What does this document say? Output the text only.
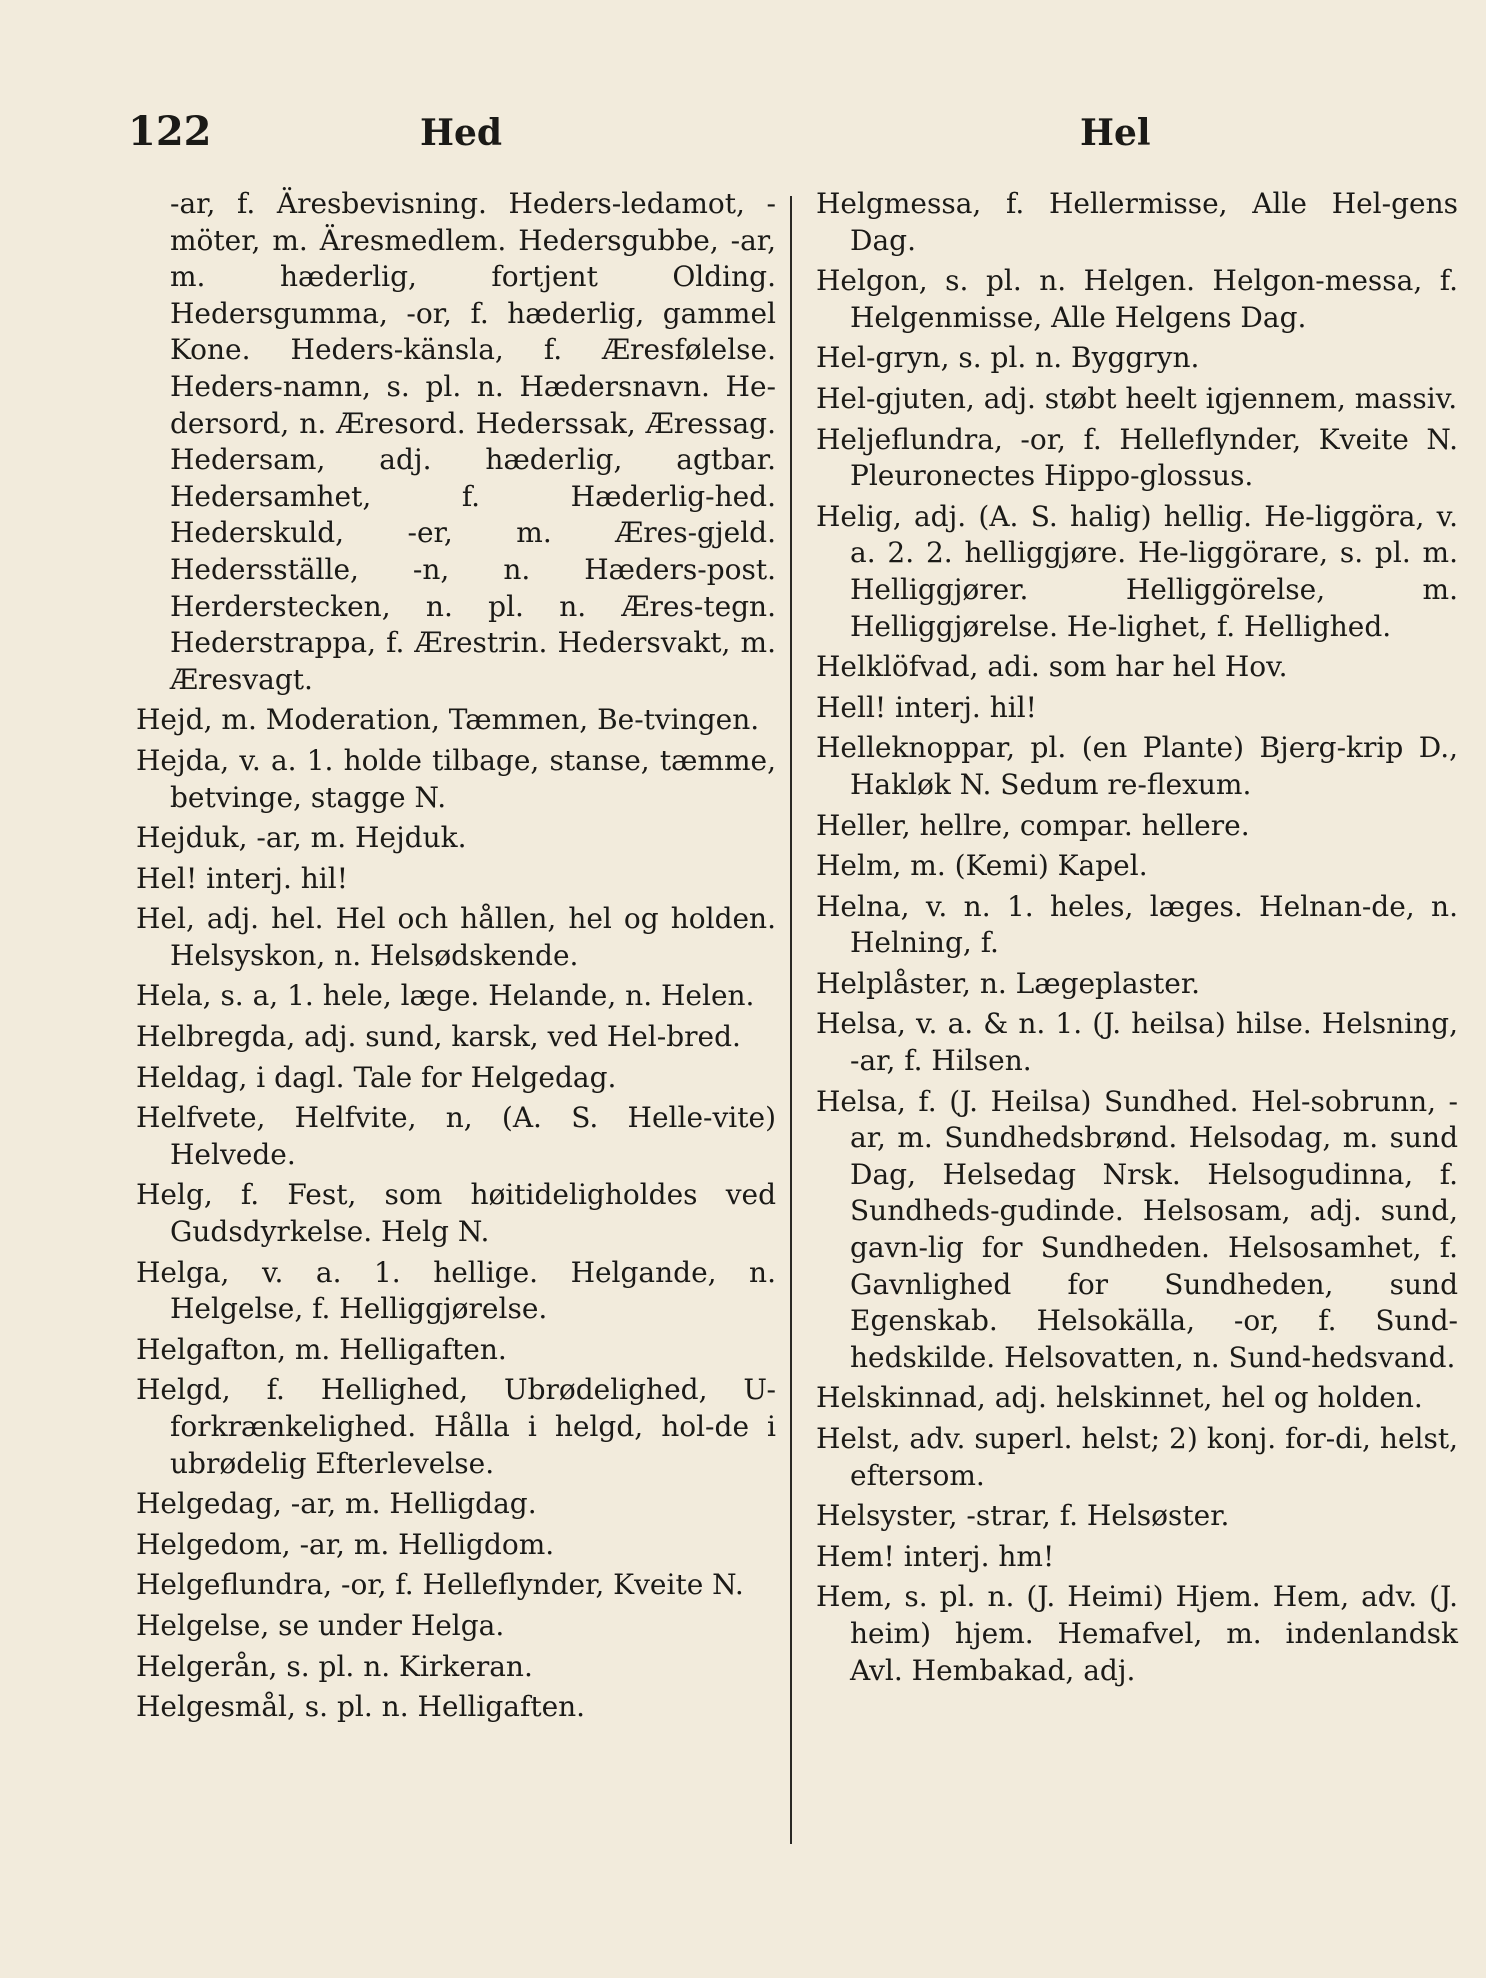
122	Hed	Hel

-ar, f. Äresbevisning. Heders-ledamot, -möter, m. Äresmedlem. Hedersgubbe, -ar, m. hæderlig, fortjent Olding. Hedersgumma, -or, f. hæderlig, gammel Kone. Heders-känsla, f. Æresfølelse. Heders-namn, s. pl. n. Hædersnavn. He-dersord, n. Æresord. Hederssak, Æressag. Hedersam, adj. hæderlig, agtbar. Hedersamhet, f. Hæderlig-hed. Hederskuld, -er, m. Æres-gjeld. Hedersställe, -n, n. Hæders-post. Herderstecken, n. pl. n. Æres-tegn. Hederstrappa, f. Ærestrin. Hedersvakt, m. Æresvagt.

Hejd, m. Moderation, Tæmmen, Be-tvingen.

Hejda, v. a. 1. holde tilbage, stanse, tæmme, betvinge, stagge N.

Hejduk, -ar, m. Hejduk.

Hel! interj. hil!

Hel, adj. hel. Hel och hållen, hel og holden. Helsyskon, n. Helsødskende.

Hela, s. a, 1. hele, læge. Helande, n. Helen.

Helbregda, adj. sund, karsk, ved Hel-bred.

Heldag, i dagl. Tale for Helgedag.

Helfvete, Helfvite, n, (A. S. Helle-vite) Helvede.

Helg, f. Fest, som høitideligholdes ved Gudsdyrkelse. Helg N.

Helga, v. a. 1. hellige. Helgande, n. Helgelse, f. Helliggjørelse.

Helgafton, m. Helligaften.

Helgd, f. Hellighed, Ubrødelighed, U-forkrænkelighed. Hålla i helgd, hol-de i ubrødelig Efterlevelse.

Helgedag, -ar, m. Helligdag.

Helgedom, -ar, m. Helligdom.

Helgeflundra, -or, f. Helleflynder, Kveite N.

Helgelse, se under Helga.

Helgerån, s. pl. n. Kirkeran.

Helgesmål, s. pl. n. Helligaften.

Helgmessa, f. Hellermisse, Alle Hel-gens Dag.

Helgon, s. pl. n. Helgen. Helgon-messa, f. Helgenmisse, Alle Helgens Dag.

Hel-gryn, s. pl. n. Byggryn.

Hel-gjuten, adj. støbt heelt igjennem, massiv.

Heljeflundra, -or, f. Helleflynder, Kveite N. Pleuronectes Hippo-glossus.

Helig, adj. (A. S. halig) hellig. He-liggöra, v. a. 2. 2. helliggjøre. He-liggörare, s. pl. m. Helliggjører. Helliggörelse, m. Helliggjørelse. He-lighet, f. Hellighed.

Helklöfvad, adi. som har hel Hov.

Hell! interj. hil!

Helleknoppar, pl. (en Plante) Bjerg-krip D., Hakløk N. Sedum re-flexum.

Heller, hellre, compar. hellere.

Helm, m. (Kemi) Kapel.

Helna, v. n. 1. heles, læges. Helnan-de, n. Helning, f.

Helplåster, n. Lægeplaster.

Helsa, v. a. & n. 1. (J. heilsa) hilse. Helsning, -ar, f. Hilsen.

Helsa, f. (J. Heilsa) Sundhed. Hel-sobrunn, -ar, m. Sundhedsbrønd. Helsodag, m. sund Dag, Helsedag Nrsk. Helsogudinna, f. Sundheds-gudinde. Helsosam, adj. sund, gavn-lig for Sundheden. Helsosamhet, f. Gavnlighed for Sundheden, sund Egenskab. Helsokälla, -or, f. Sund-hedskilde. Helsovatten, n. Sund-hedsvand.

Helskinnad, adj. helskinnet, hel og holden.

Helst, adv. superl. helst; 2) konj. for-di, helst, eftersom.

Helsyster, -strar, f. Helsøster.

Hem! interj. hm!

Hem, s. pl. n. (J. Heimi) Hjem. Hem, adv. (J. heim) hjem. Hemafvel, m. indenlandsk Avl. Hembakad, adj.
